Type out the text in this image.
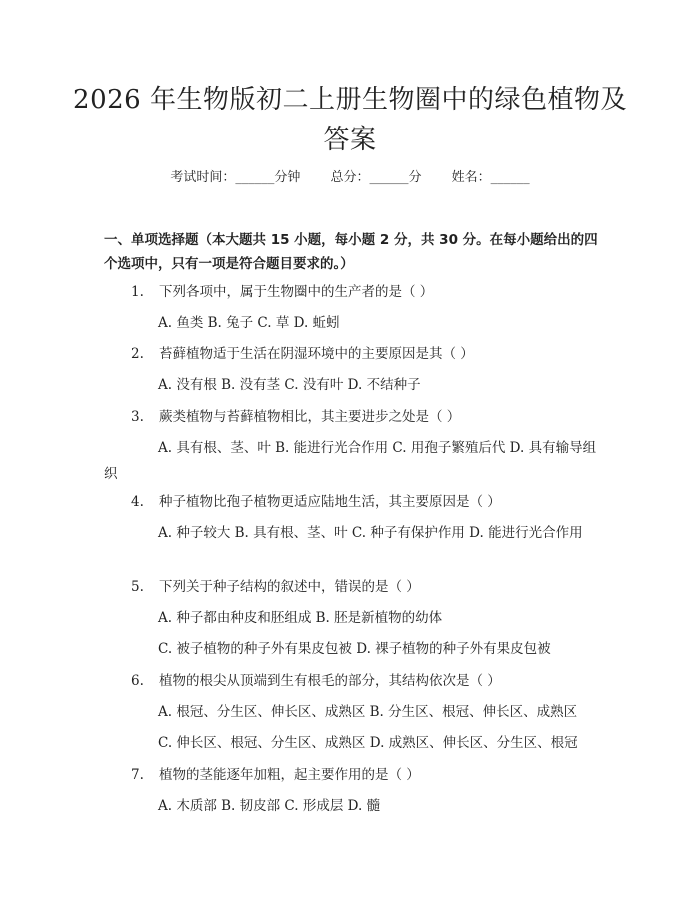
2026 年生物版初二上册生物圈中的绿色植物及答案
考试时间：______分钟 总分：______分 姓名：______
一、单项选择题（本大题共 15 小题，每小题 2 分，共 30 分。在每小题给出的四个选项中，只有一项是符合题目要求的。）
1. 下列各项中，属于生物圈中的生产者的是（ ）
A. 鱼类 B. 兔子 C. 草 D. 蚯蚓
2. 苔藓植物适于生活在阴湿环境中的主要原因是其（ ）
A. 没有根 B. 没有茎 C. 没有叶 D. 不结种子
3. 蕨类植物与苔藓植物相比，其主要进步之处是（ ）
A. 具有根、茎、叶 B. 能进行光合作用 C. 用孢子繁殖后代 D. 具有输导组织
4. 种子植物比孢子植物更适应陆地生活，其主要原因是（ ）
A. 种子较大 B. 具有根、茎、叶 C. 种子有保护作用 D. 能进行光合作用
5. 下列关于种子结构的叙述中，错误的是（ ）
A. 种子都由种皮和胚组成 B. 胚是新植物的幼体
C. 被子植物的种子外有果皮包被 D. 裸子植物的种子外有果皮包被
6. 植物的根尖从顶端到生有根毛的部分，其结构依次是（ ）
A. 根冠、分生区、伸长区、成熟区 B. 分生区、根冠、伸长区、成熟区
C. 伸长区、根冠、分生区、成熟区 D. 成熟区、伸长区、分生区、根冠
7. 植物的茎能逐年加粗，起主要作用的是（ ）
A. 木质部 B. 韧皮部 C. 形成层 D. 髓
